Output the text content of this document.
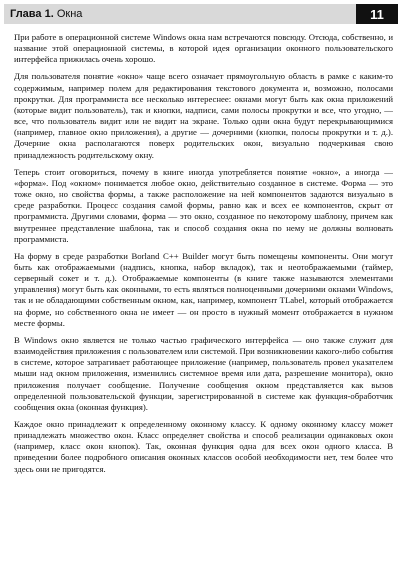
Глава 1. Окна	11

При работе в операционной системе Windows окна нам встречаются повсюду. Отсюда, собственно, и название этой операционной системы, в которой идея организации оконного пользовательского интерфейса прижилась очень хорошо.

Для пользователя понятие «окно» чаще всего означает прямоугольную область в рамке с каким-то содержимым, например полем для редактирования текстового документа и, возможно, полосами прокрутки. Для программиста все несколько интереснее: окнами могут быть как окна приложений (которые видит пользователь), так и кнопки, надписи, сами полосы прокрутки и все, что угодно, — все, что пользователь видит или не видит на экране. Только одни окна будут перекрывающимися (например, главное окно приложения), а другие — дочерними (кнопки, полосы прокрутки и т. д.). Дочерние окна располагаются поверх родительских окон, визуально подчеркивая свою принадлежность родительскому окну.

Теперь стоит оговориться, почему в книге иногда употребляется понятие «окно», а иногда — «форма». Под «окном» понимается любое окно, действительно созданное в системе. Форма — это тоже окно, но свойства формы, а также расположение на ней компонентов задаются визуально в среде разработки. Процесс создания самой формы, равно как и всех ее компонентов, скрыт от программиста. Другими словами, форма — это окно, созданное по некоторому шаблону, причем как внутреннее представление шаблона, так и способ создания окна по нему не должны волновать программиста.

На форму в среде разработки Borland C++ Builder могут быть помещены компоненты. Они могут быть как отображаемыми (надпись, кнопка, набор вкладок), так и неотображаемыми (таймер, серверный сокет и т. д.). Отображаемые компоненты (в книге также называются элементами управления) могут быть как оконными, то есть являться полноценными дочерними окнами Windows, так и не обладающими собственным окном, как, например, компонент TLabel, который отображается на форме, но собственного окна не имеет — он просто в нужный момент отображается в нужном месте формы.

В Windows окно является не только частью графического интерфейса — оно также служит для взаимодействия приложения с пользователем или системой. При возникновении какого-либо события в системе, которое затрагивает работающее приложение (например, пользователь провел указателем мыши над окном приложения, изменились системное время или дата, разрешение монитора), окно приложения получает сообщение. Получение сообщения окном представляется как вызов определенной пользовательской функции, зарегистрированной в системе как функция-обработчик сообщения окна (оконная функция).

Каждое окно принадлежит к определенному оконному классу. К одному оконному классу может принадлежать множество окон. Класс определяет свойства и способ реализации одинаковых окон (например, класс окон кнопок). Так, оконная функция одна для всех окон одного класса. В приведении более подробного описания оконных классов особой необходимости нет, тем более что здесь они не пригодятся.
